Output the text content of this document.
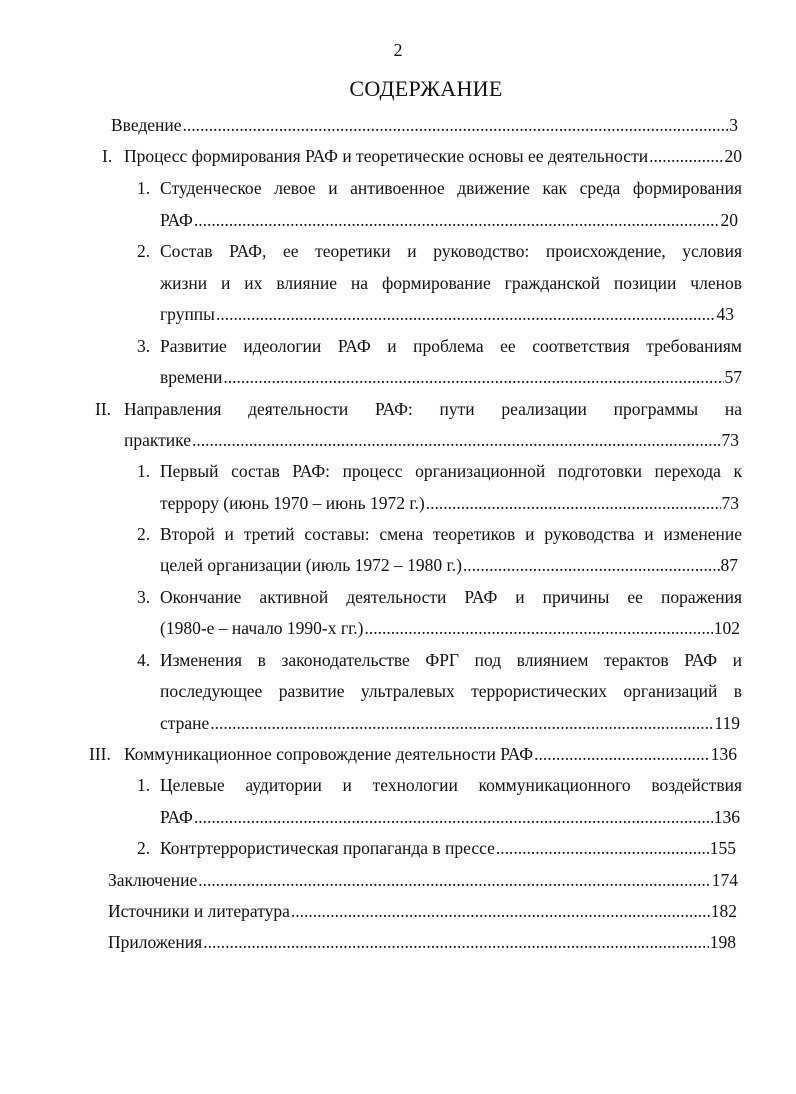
2
СОДЕРЖАНИЕ
Введение .....	3
I. Процесс формирования РАФ и теоретические основы ее деятельности .....	20
1. Студенческое левое и антивоенное движение как среда формирования
РАФ .....	20
2. Состав РАФ, ее теоретики и руководство: происхождение, условия
жизни и их влияние на формирование гражданской позиции членов
группы .....	43
3. Развитие идеологии РАФ и проблема ее соответствия требованиям
времени .....	57
II. Направления деятельности РАФ: пути реализации программы на
практике .....	73
1. Первый состав РАФ: процесс организационной подготовки перехода к
террору (июнь 1970 – июнь 1972 г.) .....	73
2. Второй и третий составы: смена теоретиков и руководства и изменение
целей организации (июль 1972 – 1980 г.) .....	87
3. Окончание активной деятельности РАФ и причины ее поражения
(1980-е – начало 1990-х гг.) .....	102
4. Изменения в законодательстве ФРГ под влиянием терактов РАФ и
последующее развитие ультралевых террористических организаций в
стране .....	119
III. Коммуникационное сопровождение деятельности РАФ .....	136
1. Целевые аудитории и технологии коммуникационного воздействия
РАФ .....	136
2. Контртеррористическая пропаганда в прессе .....	155
Заключение .....	174
Источники и литература .....	182
Приложения .....	198
